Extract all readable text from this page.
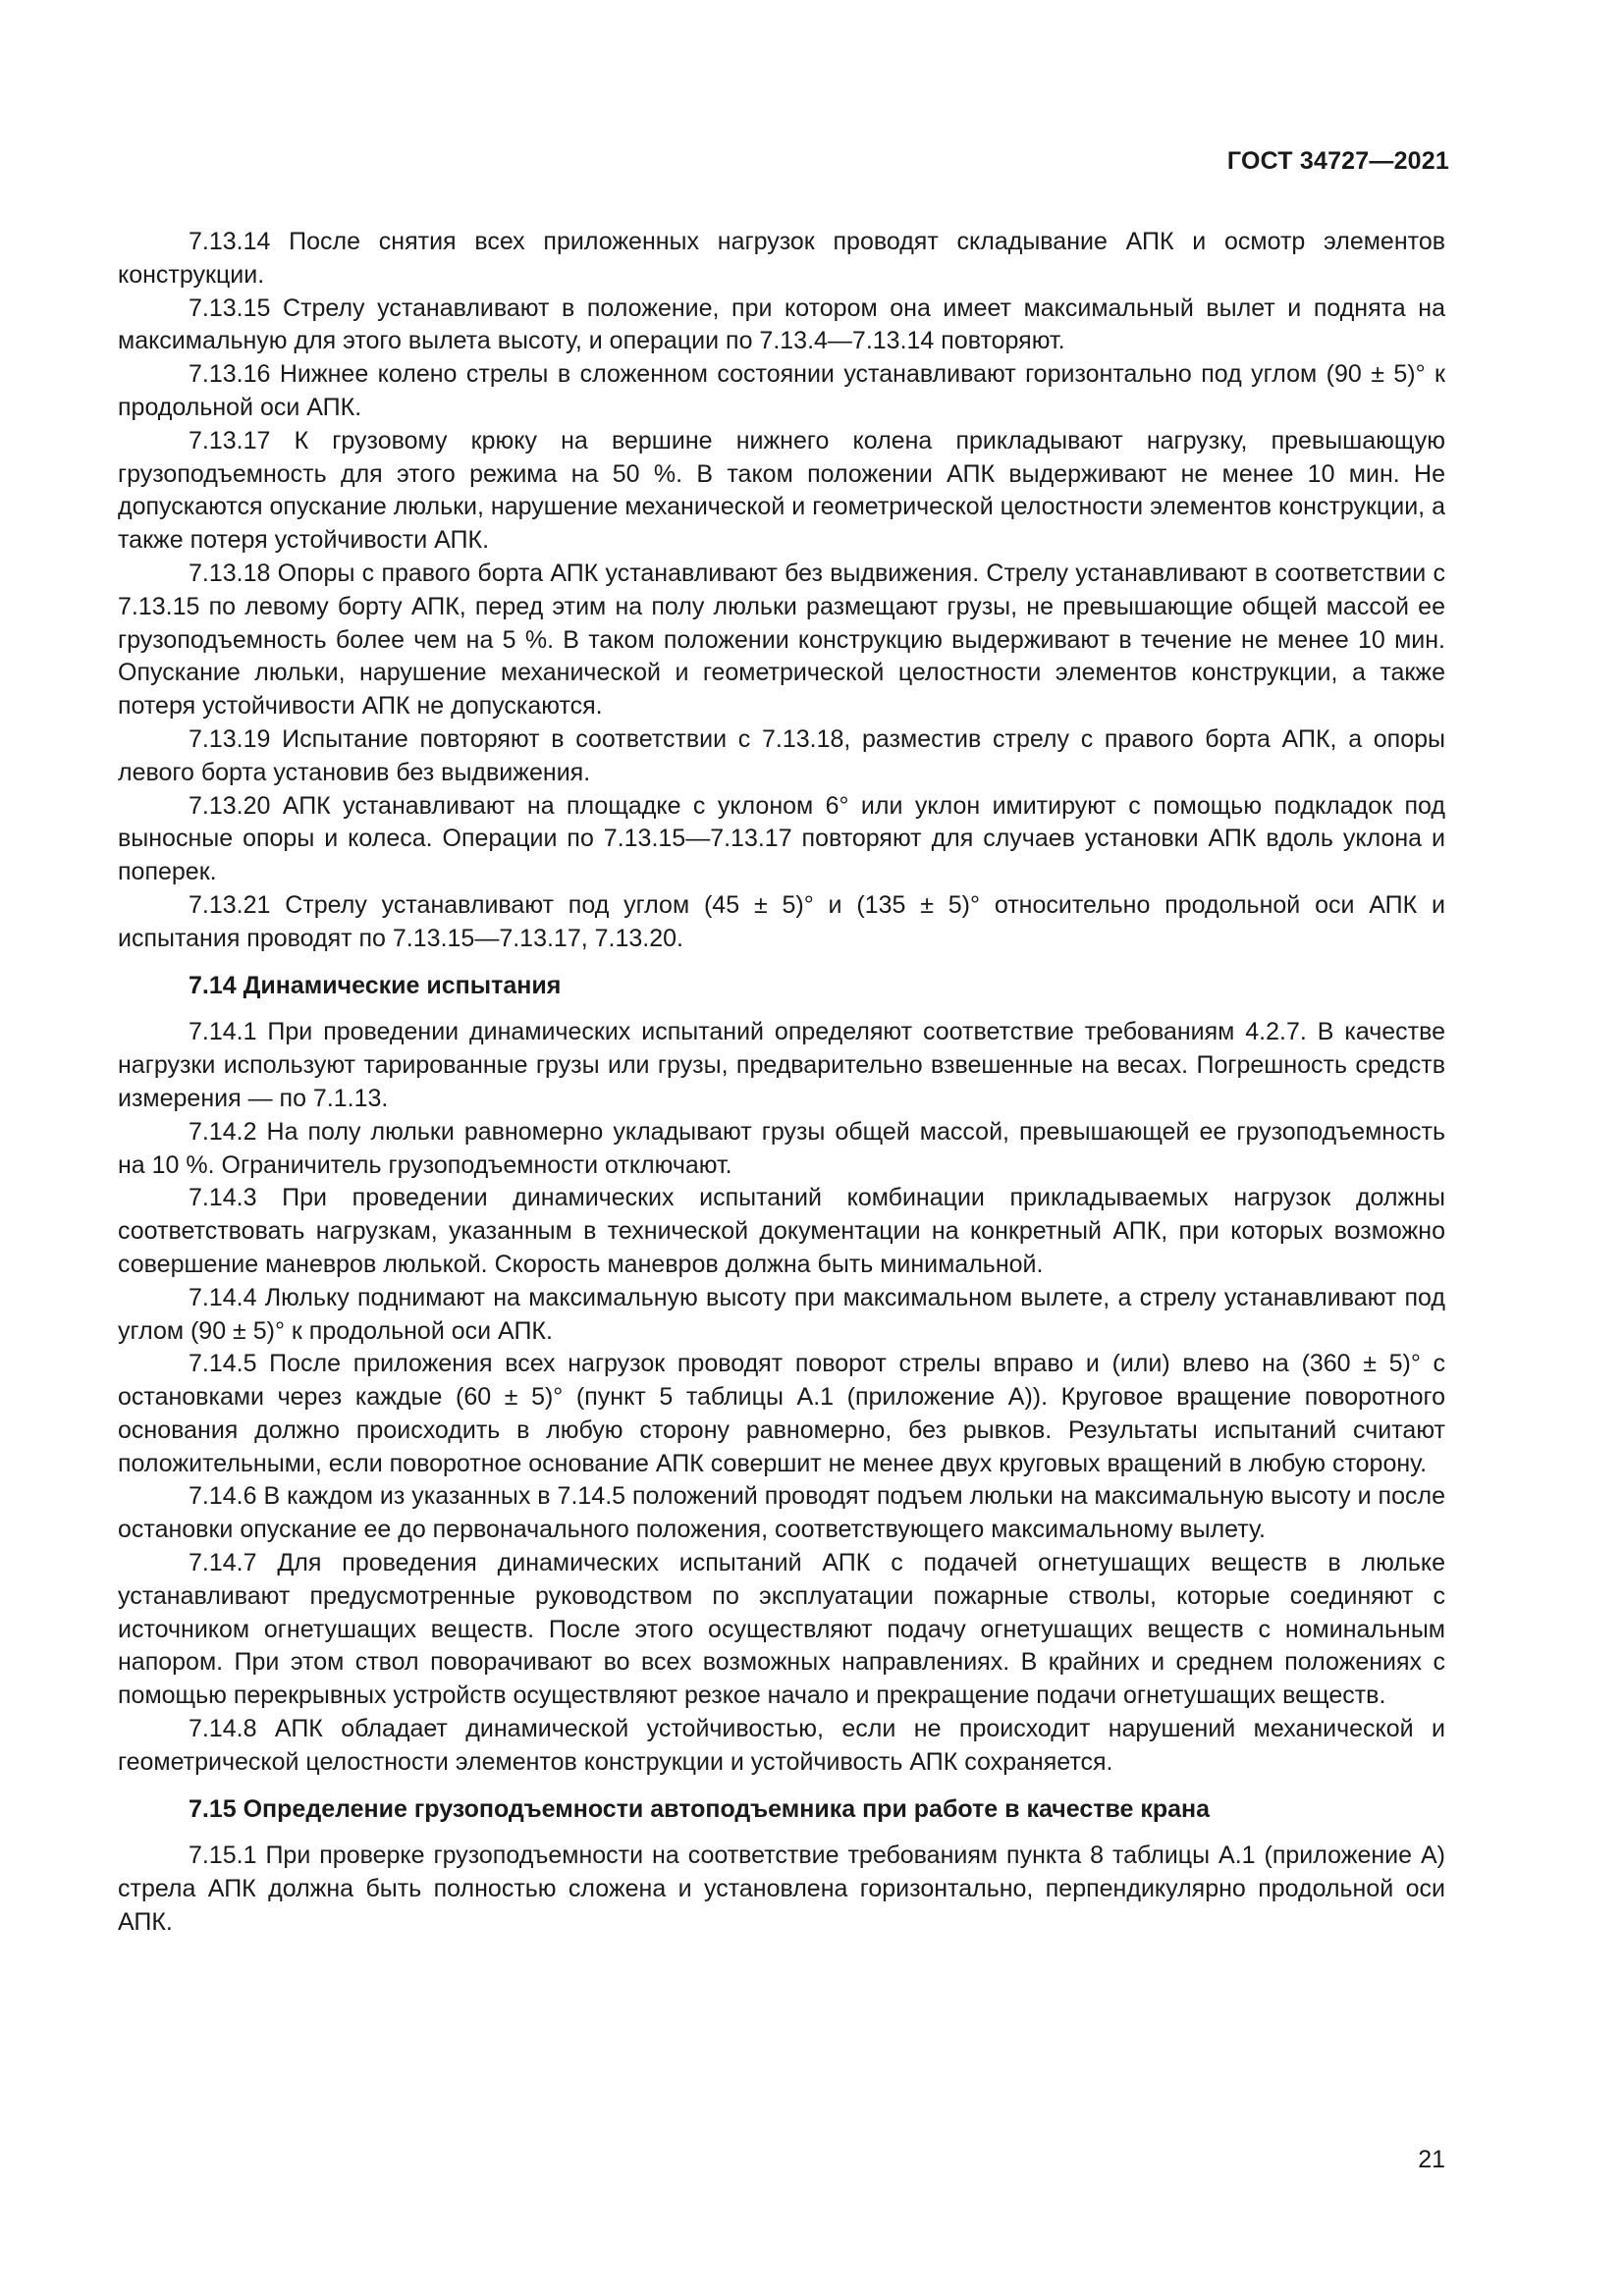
ГОСТ 34727—2021

7.13.14 После снятия всех приложенных нагрузок проводят складывание АПК и осмотр элементов конструкции.

7.13.15 Стрелу устанавливают в положение, при котором она имеет максимальный вылет и поднята на максимальную для этого вылета высоту, и операции по 7.13.4—7.13.14 повторяют.

7.13.16 Нижнее колено стрелы в сложенном состоянии устанавливают горизонтально под углом (90 ± 5)° к продольной оси АПК.

7.13.17 К грузовому крюку на вершине нижнего колена прикладывают нагрузку, превышающую грузоподъемность для этого режима на 50 %. В таком положении АПК выдерживают не менее 10 мин. Не допускаются опускание люльки, нарушение механической и геометрической целостности элементов конструкции, а также потеря устойчивости АПК.

7.13.18 Опоры с правого борта АПК устанавливают без выдвижения. Стрелу устанавливают в соответствии с 7.13.15 по левому борту АПК, перед этим на полу люльки размещают грузы, не превышающие общей массой ее грузоподъемность более чем на 5 %. В таком положении конструкцию выдерживают в течение не менее 10 мин. Опускание люльки, нарушение механической и геометрической целостности элементов конструкции, а также потеря устойчивости АПК не допускаются.

7.13.19 Испытание повторяют в соответствии с 7.13.18, разместив стрелу с правого борта АПК, а опоры левого борта установив без выдвижения.

7.13.20 АПК устанавливают на площадке с уклоном 6° или уклон имитируют с помощью подкладок под выносные опоры и колеса. Операции по 7.13.15—7.13.17 повторяют для случаев установки АПК вдоль уклона и поперек.

7.13.21 Стрелу устанавливают под углом (45 ± 5)° и (135 ± 5)° относительно продольной оси АПК и испытания проводят по 7.13.15—7.13.17, 7.13.20.

7.14 Динамические испытания

7.14.1 При проведении динамических испытаний определяют соответствие требованиям 4.2.7. В качестве нагрузки используют тарированные грузы или грузы, предварительно взвешенные на весах. Погрешность средств измерения — по 7.1.13.

7.14.2 На полу люльки равномерно укладывают грузы общей массой, превышающей ее грузоподъемность на 10 %. Ограничитель грузоподъемности отключают.

7.14.3 При проведении динамических испытаний комбинации прикладываемых нагрузок должны соответствовать нагрузкам, указанным в технической документации на конкретный АПК, при которых возможно совершение маневров люлькой. Скорость маневров должна быть минимальной.

7.14.4 Люльку поднимают на максимальную высоту при максимальном вылете, а стрелу устанавливают под углом (90 ± 5)° к продольной оси АПК.

7.14.5 После приложения всех нагрузок проводят поворот стрелы вправо и (или) влево на (360 ± 5)° с остановками через каждые (60 ± 5)° (пункт 5 таблицы А.1 (приложение А)). Круговое вращение поворотного основания должно происходить в любую сторону равномерно, без рывков. Результаты испытаний считают положительными, если поворотное основание АПК совершит не менее двух круговых вращений в любую сторону.

7.14.6 В каждом из указанных в 7.14.5 положений проводят подъем люльки на максимальную высоту и после остановки опускание ее до первоначального положения, соответствующего максимальному вылету.

7.14.7 Для проведения динамических испытаний АПК с подачей огнетушащих веществ в люльке устанавливают предусмотренные руководством по эксплуатации пожарные стволы, которые соединяют с источником огнетушащих веществ. После этого осуществляют подачу огнетушащих веществ с номинальным напором. При этом ствол поворачивают во всех возможных направлениях. В крайних и среднем положениях с помощью перекрывных устройств осуществляют резкое начало и прекращение подачи огнетушащих веществ.

7.14.8 АПК обладает динамической устойчивостью, если не происходит нарушений механической и геометрической целостности элементов конструкции и устойчивость АПК сохраняется.

7.15 Определение грузоподъемности автоподъемника при работе в качестве крана

7.15.1 При проверке грузоподъемности на соответствие требованиям пункта 8 таблицы А.1 (приложение А) стрела АПК должна быть полностью сложена и установлена горизонтально, перпендикулярно продольной оси АПК.

21
